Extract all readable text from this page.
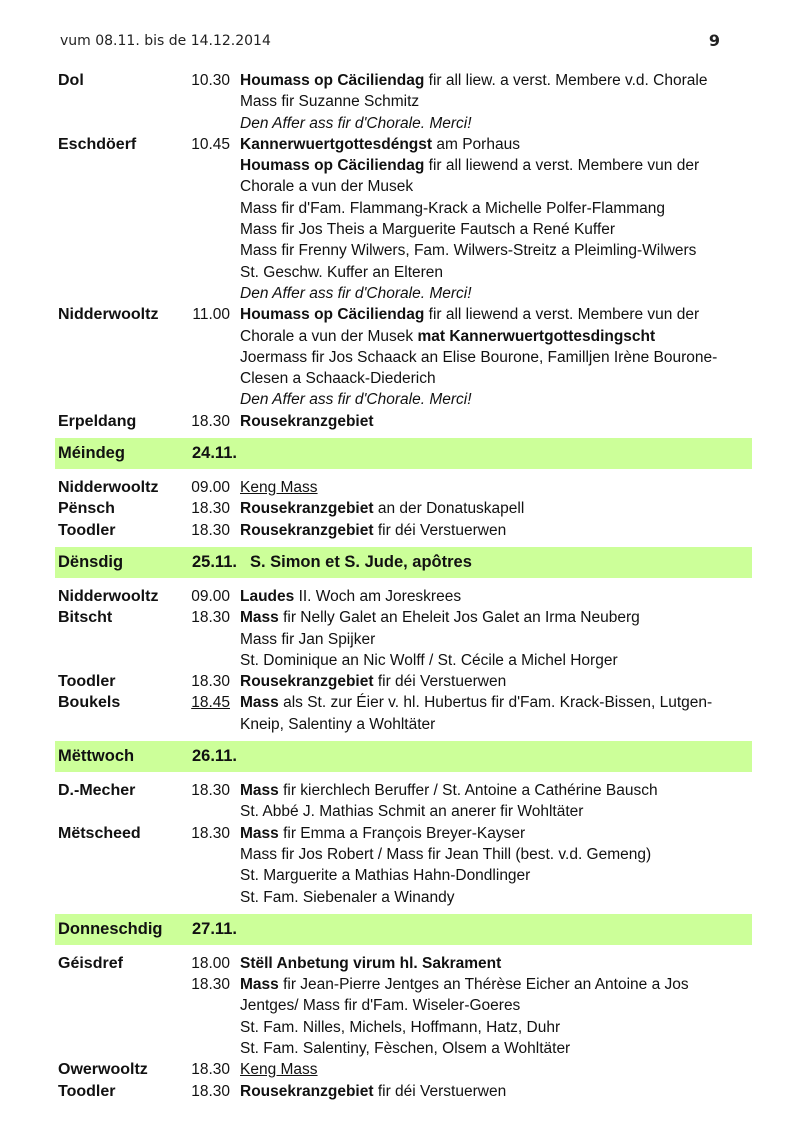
vum 08.11. bis de 14.12.2014	9
Dol	10.30 Houmass op Cäciliendag fir all liew. a verst. Membere v.d. Chorale
Mass fir Suzanne Schmitz
Den Affer ass fir d'Chorale. Merci!
Eschdöerf	10.45 Kannerwuertgottesdéngst am Porhaus
Houmass op Cäciliendag fir all liewend a verst. Membere vun der
Chorale a vun der Musek
Mass fir d'Fam. Flammang-Krack a Michelle Polfer-Flammang
Mass fir Jos Theis a Marguerite Fautsch a René Kuffer
Mass fir Frenny Wilwers, Fam. Wilwers-Streitz a Pleimling-Wilwers
St. Geschw. Kuffer an Elteren
Den Affer ass fir d'Chorale. Merci!
Nidderwooltz	11.00 Houmass op Cäciliendag fir all liewend a verst. Membere vun der
Chorale a vun der Musek mat Kannerwuertgottesdingscht
Joermass fir Jos Schaack an Elise Bourone, Familljen Irène Bourone-
Clesen a Schaack-Diederich
Den Affer ass fir d'Chorale. Merci!
Erpeldang	18.30 Rousekranzgebiet
Méindeg	24.11.
Nidderwooltz	09.00 Keng Mass
Pënsch	18.30 Rousekranzgebiet an der Donatuskapell
Toodler	18.30 Rousekranzgebiet fir déi Verstuerwen
Dënsdig	25.11. S. Simon et S. Jude, apôtres
Nidderwooltz	09.00 Laudes II. Woch am Joreskrees
Bitscht	18.30 Mass fir Nelly Galet an Eheleit Jos Galet an Irma Neuberg
Mass fir Jan Spijker
St. Dominique an Nic Wolff / St. Cécile a Michel Horger
Toodler	18.30 Rousekranzgebiet fir déi Verstuerwen
Boukels	18.45 Mass als St. zur Éier v. hl. Hubertus fir d'Fam. Krack-Bissen, Lutgen-
Kneip, Salentiny a Wohltäter
Mëttwoch	26.11.
D.-Mecher	18.30 Mass fir kierchlech Beruffer / St. Antoine a Cathérine Bausch
St. Abbé J. Mathias Schmit an anerer fir Wohltäter
Mëtscheed	18.30 Mass fir Emma a François Breyer-Kayser
Mass fir Jos Robert / Mass fir Jean Thill (best. v.d. Gemeng)
St. Marguerite a Mathias Hahn-Dondlinger
St. Fam. Siebenaler a Winandy
Donneschdig	27.11.
Géisdref	18.00 Stëll Anbetung virum hl. Sakrament
18.30 Mass fir Jean-Pierre Jentges an Thérèse Eicher an Antoine a Jos
Jentges/ Mass fir d'Fam. Wiseler-Goeres
St. Fam. Nilles, Michels, Hoffmann, Hatz, Duhr
St. Fam. Salentiny, Fèschen, Olsem a Wohltäter
Owerwooltz	18.30 Keng Mass
Toodler	18.30 Rousekranzgebiet fir déi Verstuerwen
